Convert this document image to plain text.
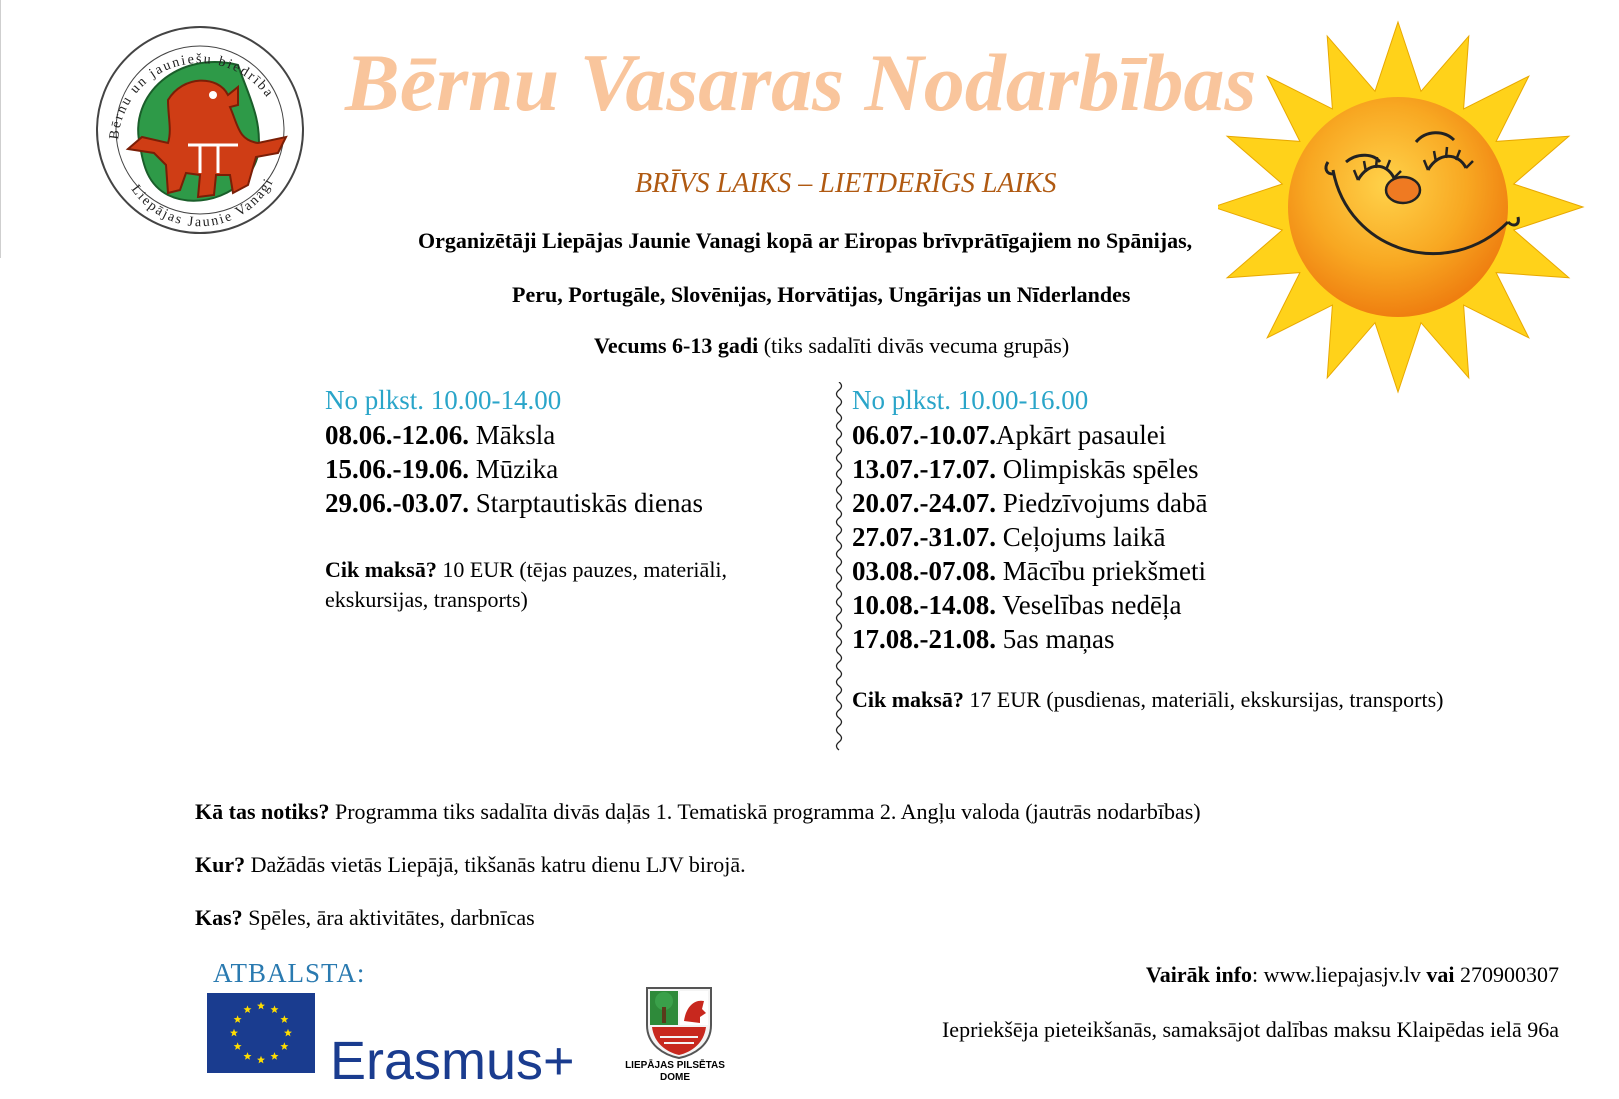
Bērnu un jauniešu biedrība
Liepājas Jaunie Vanagi
Bērnu Vasaras Nodarbības
BRĪVS LAIKS – LIETDERĪGS LAIKS
Organizētāji Liepājas Jaunie Vanagi kopā ar Eiropas brīvprātīgajiem no Spānijas,
Peru, Portugāle, Slovēnijas, Horvātijas, Ungārijas un Nīderlandes
Vecums 6-13 gadi (tiks sadalīti divās vecuma grupās)
No plkst. 10.00-14.00
08.06.-12.06. Māksla
15.06.-19.06. Mūzika
29.06.-03.07. Starptautiskās dienas
Cik maksā? 10 EUR (tējas pauzes, materiāli, ekskursijas, transports)
No plkst. 10.00-16.00
06.07.-10.07.Apkārt pasaulei
13.07.-17.07. Olimpiskās spēles
20.07.-24.07. Piedzīvojums dabā
27.07.-31.07. Ceļojums laikā
03.08.-07.08. Mācību priekšmeti
10.08.-14.08. Veselības nedēļa
17.08.-21.08. 5as maņas
Cik maksā? 17 EUR (pusdienas, materiāli, ekskursijas, transports)
Kā tas notiks? Programma tiks sadalīta divās daļās 1. Tematiskā programma 2. Angļu valoda (jautrās nodarbības)
Kur? Dažādās vietās Liepājā, tikšanās katru dienu LJV birojā.
Kas? Spēles, āra aktivitātes, darbnīcas
ATBALSTA:
Erasmus+	LIEPĀJAS PILSĒTAS DOME
Vairāk info: www.liepajasjv.lv vai 270900307
Iepriekšēja pieteikšanās, samaksājot dalības maksu Klaipēdas ielā 96a
